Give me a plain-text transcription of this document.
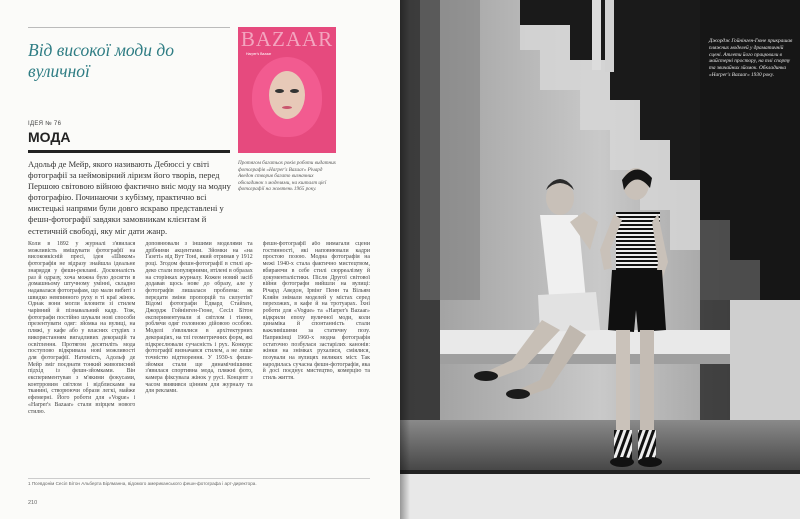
Від високої моди до вуличної
BAZAAR
Harper's Bazaar
ІДЕЯ № 76
МОДА
Адольф де Мейр, якого називають Дебюссі у світі фотографії за неймовірний ліризм його творів, перед Першою світовою війною фактично вніс моду на модну фотографію. Починаючи з кубізму, практично всі мистецькі напрями були довго яскраво представлені у фешн-фотографії завдяки замовникам клієнтам й естетичній свободі, яку міг дати жанр.
Протягом багатьох років роботи видатних фотографів «Harper's Bazaar» Річард Аведон створив багато визначних обкладинок з моделями, на кшталт цієї фотографії на жовтень 1965 року.
Коли в 1892 у журналі з'явилася можливість вміщувати фотографії на високоякісній пресі, ідея «Шиком» фотографія не відразу знайшла ідеальне знаряддя у фешн-рекламі. Досконалість раз й одразу, хоча можна було досягти в домашньому штучному умінні, складно надавалася фотографам, що мали вибиті з швидко невпинного руху в ті краї жінок. Однак вони могли вловити зі стилем чарівний й пізнавальний кадр. Тож, фотографи постійно шукали нові способи презентувати одяг: зйомка на вулиці, на пляжі, у кафе або у власних студіях з використанням вигадливих декорацій та освітлення. Протягом десятиліть мода поступово відкривала нові можливості для фотографії. Натомість, Адольф де Мейр зміг поєднати тонкий живописний підхід із фешн-зйомками. Він експериментував з м'якими фокусами, контрровим світлом і відблисками на тканині, створюючи образи легкі, майже ефемерні. Його роботи для «Vogue» і «Harper's Bazaar» стали взірцем нового стилю.
доповнювали з іншими моделями та дрібними акцентами. Зйомки на «на Газеті» від Вут Тоні, який отримав у 1912 році. Згодом фешн-фотографії в стилі ар-деко стали популярними, втілені в образах на сторінках журналу. Кожен новий засіб додавав щось нове до образу, але у фотографів лишалася проблема: як передати зміни пропорцій та силуетів? Відомі фотографи Едвард Стайхен, Джордж Гойнінген-Гюне, Сесіл Бітон експериментували зі світлом і тінню, роблячи одяг головною дійовою особою. Моделі з'являлися в архітектурних декораціях, на тлі геометричних форм, які підкреслювали сучасність і рух. Конкурс фотографії визначався стилем, а не лише точністю відтворення. У 1930-х фешн-зйомки стали ще динамічнішими: з'явилася спортивна мода, пляжні фото, камера фіксувала жінок у русі. Концепт з часом виявився цінним для журналу та для реклами.
фешн-фотографії або вимагали сцени гостинності, які наповнювали кадри простою позою. Модна фотографія на межі 1940-х стала фактично мистецтвом, вбираючи в себе стилі сюрреалізму й документалістики. Після Другої світової війни фотографи вийшли на вулиці: Річард Аведон, Ірвінг Пенн та Вільям Кляйн знімали моделей у містах серед перехожих, в кафе й на тротуарах. Їхні роботи для «Vogue» та «Harper's Bazaar» відкрили епоху вуличної моди, коли динаміка й спонтанність стали важливішими за статичну позу. Наприкінці 1960-х модна фотографія остаточно позбулася застарілих канонів: жінки на знімках рухалися, сміялися, позували на вулицях великих міст. Так народилась сучасна фешн-фотографія, яка й досі поєднує мистецтво, комерцію та стиль життя.
1 Псевдонім Сесіл Бітон Альберта Бірлманна, відомого американського фешн-фотографа і арт-директора.
210
Джордж Гойнінген-Гюне прикрашав пляжних моделей у драматичній сцені. Атлети його працювали в майстерні простору, на тлі спорту та звичайних зйомок. Обкладинка «Harper's Bazaar» 1930 року.
